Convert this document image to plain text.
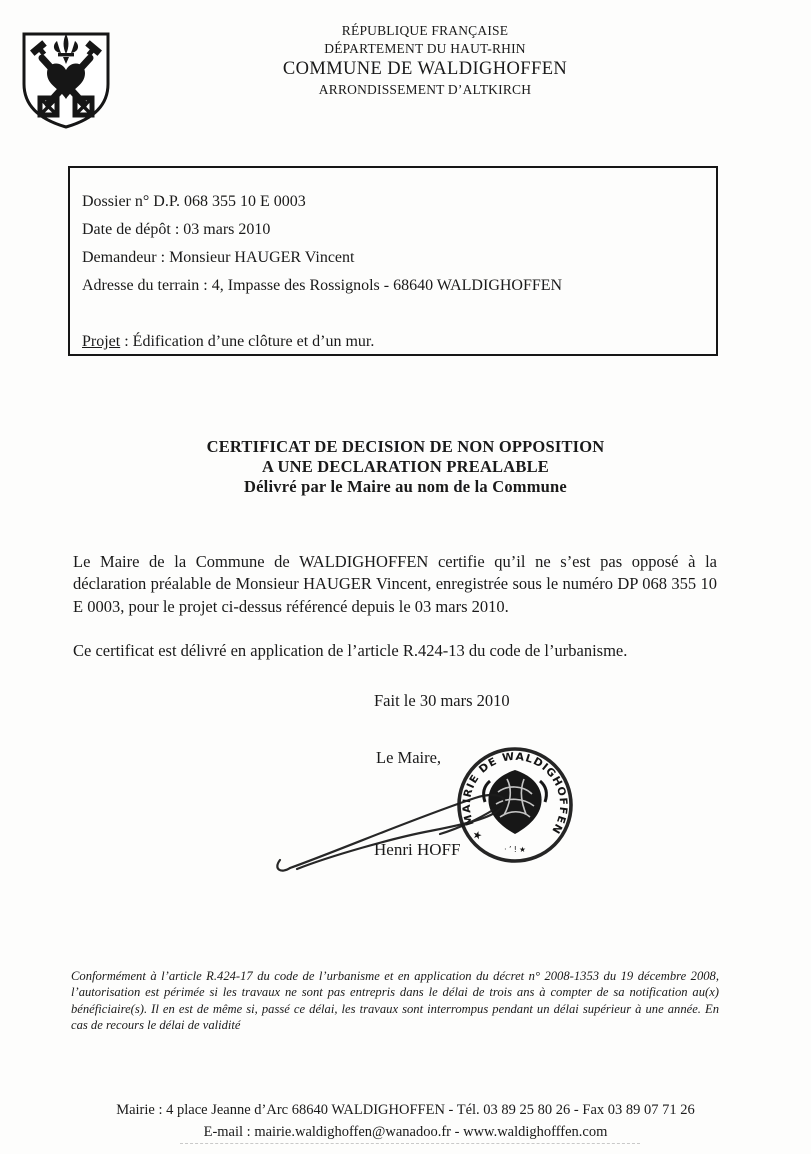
RÉPUBLIQUE FRANÇAISE
DÉPARTEMENT DU HAUT-RHIN
COMMUNE DE WALDIGHOFFEN
ARRONDISSEMENT D’ALTKIRCH
Dossier n° D.P. 068 355 10 E 0003
Date de dépôt : 03 mars 2010
Demandeur : Monsieur HAUGER Vincent
Adresse du terrain : 4, Impasse des Rossignols - 68640 WALDIGHOFFEN
Projet : Édification d’une clôture et d’un mur.
CERTIFICAT DE DECISION DE NON OPPOSITION
A UNE DECLARATION PREALABLE
Délivré par le Maire au nom de la Commune
Le Maire de la Commune de WALDIGHOFFEN certifie qu’il ne s’est pas opposé à la déclaration préalable de Monsieur HAUGER Vincent, enregistrée sous le numéro DP 068 355 10 E 0003, pour le projet ci-dessus référencé depuis le 03 mars 2010.
Ce certificat est délivré en application de l’article R.424-13 du code de l’urbanisme.
Fait le 30 mars 2010
Le Maire,
Henri HOFF
★ MAIRIE DE WALDIGHOFFEN
· ’ ! ★
Conformément à l’article R.424-17 du code de l’urbanisme et en application du décret n° 2008-1353 du 19 décembre 2008, l’autorisation est périmée si les travaux ne sont pas entrepris dans le délai de trois ans à compter de sa notification au(x) bénéficiaire(s). Il en est de même si, passé ce délai, les travaux sont interrompus pendant un délai supérieur à une année. En cas de recours le délai de validité
Mairie : 4 place Jeanne d’Arc 68640 WALDIGHOFFEN - Tél. 03 89 25 80 26 - Fax 03 89 07 71 26
E-mail : mairie.waldighoffen@wanadoo.fr - www.waldighofffen.com
